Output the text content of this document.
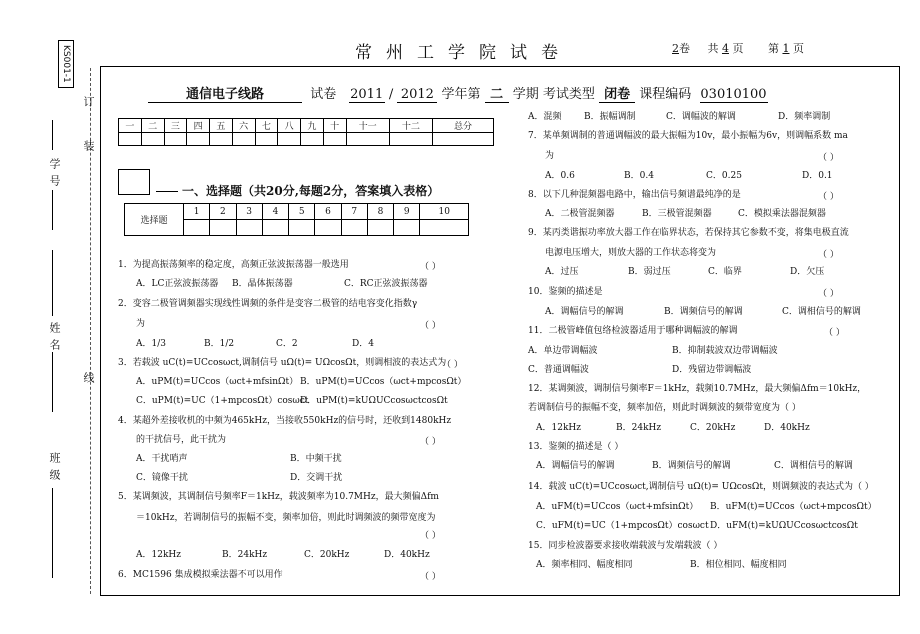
KS001-1	常州工学院试卷	2卷 共 4 页 第 1 页
订
装
线
学号
姓名
班级
通信电子线路	试卷 2011 / 2012 学年第 二 学期 考试类型 闭卷 课程编码 03010100
一	二	三	四	五	六	七	八	九	十	十一	十二	总分

一、选择题（共20分,每题2分，答案填入表格）
选择题	1	2	3	4	5	6	7	8	9	10

1．为提高振荡频率的稳定度，高频正弦波振荡器一般选用	（ ）
A．LC正弦波振荡器 B．晶体振荡器	C．RC正弦波振荡器
2．变容二极管调频器实现线性调频的条件是变容二极管的结电容变化指数γ
为	（ ）
A．1/3	B．1/2	C．2	D．4
3．若载波 uC(t)=UCcosωct,调制信号 uΩ(t)= UΩcosΩt，则调相波的表达式为
（ ）
A．uPM(t)=UCcos（ωct+mfsinΩt） B．uPM(t)=UCcos（ωct+mpcosΩt）
C．uPM(t)=UC（1+mpcosΩt）cosωct
D．uPM(t)=kUΩUCcosωctcosΩt
4．某超外差接收机的中频为465kHz，当接收550kHz的信号时，还收到1480kHz
的干扰信号，此干扰为	（ ）
A．干扰哨声	B．中频干扰
C．镜像干扰	D．交调干扰
5．某调频波，其调制信号频率F＝1kHz，载波频率为10.7MHz，最大频偏Δfm
＝10kHz，若调制信号的振幅不变，频率加倍，则此时调频波的频带宽度为
（ ）
A．12kHz	B．24kHz	C．20kHz	D．40kHz
6．MC1596 集成模拟乘法器不可以用作	（ ）
A．混频	B．振幅调制	C．调幅波的解调	D．频率调制
7．某单频调制的普通调幅波的最大振幅为10v，最小振幅为6v，则调幅系数 ma
为	（ ）
A．0.6	B．0.4	C．0.25	D．0.1
8．以下几种混频器电路中，输出信号频谱最纯净的是	（ ）
A．二极管混频器	B．三极管混频器	C．模拟乘法器混频器
9．某丙类谐振功率放大器工作在临界状态，若保持其它参数不变，将集电极直流
电源电压增大，则放大器的工作状态将变为	（ ）
A．过压	B．弱过压	C．临界	D．欠压
10．鉴频的描述是	（ ）
A．调幅信号的解调	B．调频信号的解调	C．调相信号的解调
11．二极管峰值包络检波器适用于哪种调幅波的解调	（ ）
A．单边带调幅波	B．抑制载波双边带调幅波
C．普通调幅波	D．残留边带调幅波
12．某调频波，调制信号频率F＝1kHz，载频10.7MHz，最大频偏Δfm＝10kHz，
若调制信号的振幅不变，频率加倍，则此时调频波的频带宽度为（ ）
A．12kHz	B．24kHz	C．20kHz	D．40kHz
13．鉴频的描述是（ ）
A．调幅信号的解调	B．调频信号的解调	C．调相信号的解调
14．载波 uC(t)=UCcosωct,调制信号 uΩ(t)= UΩcosΩt，则调频波的表达式为（ ）
A．uFM(t)=UCcos（ωct+mfsinΩt） B．uFM(t)=UCcos（ωct+mpcosΩt）
C．uFM(t)=UC（1+mpcosΩt）cosωct D．uFM(t)=kUΩUCcosωctcosΩt
15．同步检波器要求接收端载波与发端载波（ ）
A．频率相同、幅度相同	B．相位相同、幅度相同
